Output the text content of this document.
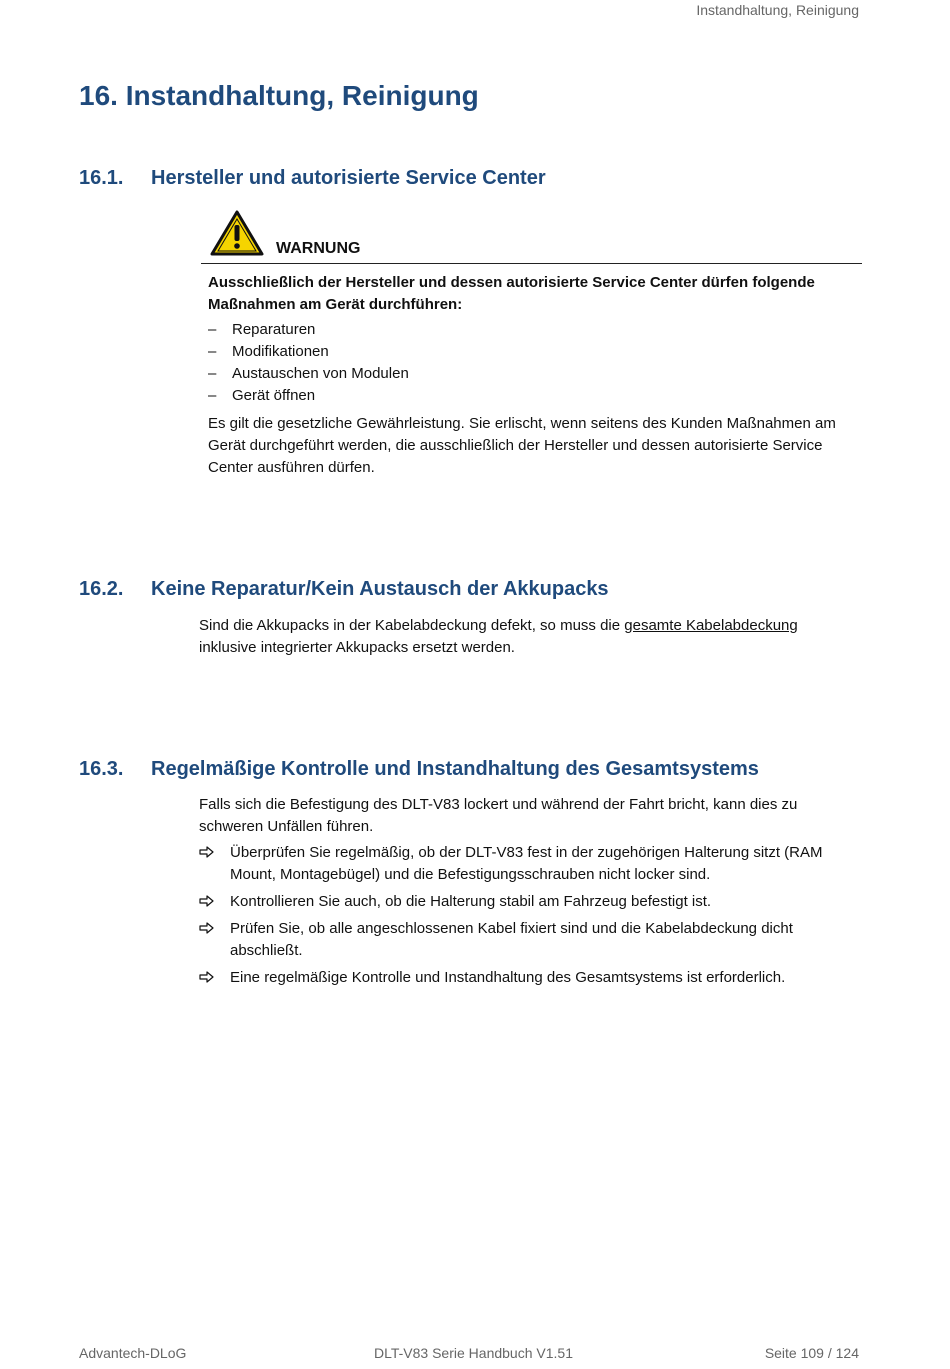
Instandhaltung, Reinigung
16. Instandhaltung, Reinigung
16.1. Hersteller und autorisierte Service Center
WARNUNG
Ausschließlich der Hersteller und dessen autorisierte Service Center dürfen folgende Maßnahmen am Gerät durchführen:
– Reparaturen
– Modifikationen
– Austauschen von Modulen
– Gerät öffnen
Es gilt die gesetzliche Gewährleistung. Sie erlischt, wenn seitens des Kunden Maßnahmen am Gerät durchgeführt werden, die ausschließlich der Hersteller und dessen autorisierte Service Center ausführen dürfen.
16.2. Keine Reparatur/Kein Austausch der Akkupacks
Sind die Akkupacks in der Kabelabdeckung defekt, so muss die gesamte Kabelabdeckung inklusive integrierter Akkupacks ersetzt werden.
16.3. Regelmäßige Kontrolle und Instandhaltung des Gesamtsystems
Falls sich die Befestigung des DLT-V83 lockert und während der Fahrt bricht, kann dies zu schweren Unfällen führen.
Überprüfen Sie regelmäßig, ob der DLT-V83 fest in der zugehörigen Halterung sitzt (RAM Mount, Montagebügel) und die Befestigungsschrauben nicht locker sind.
Kontrollieren Sie auch, ob die Halterung stabil am Fahrzeug befestigt ist.
Prüfen Sie, ob alle angeschlossenen Kabel fixiert sind und die Kabelabdeckung dicht abschließt.
Eine regelmäßige Kontrolle und Instandhaltung des Gesamtsystems ist erforderlich.
Advantech-DLoG	DLT-V83 Serie Handbuch V1.51	Seite 109 / 124
